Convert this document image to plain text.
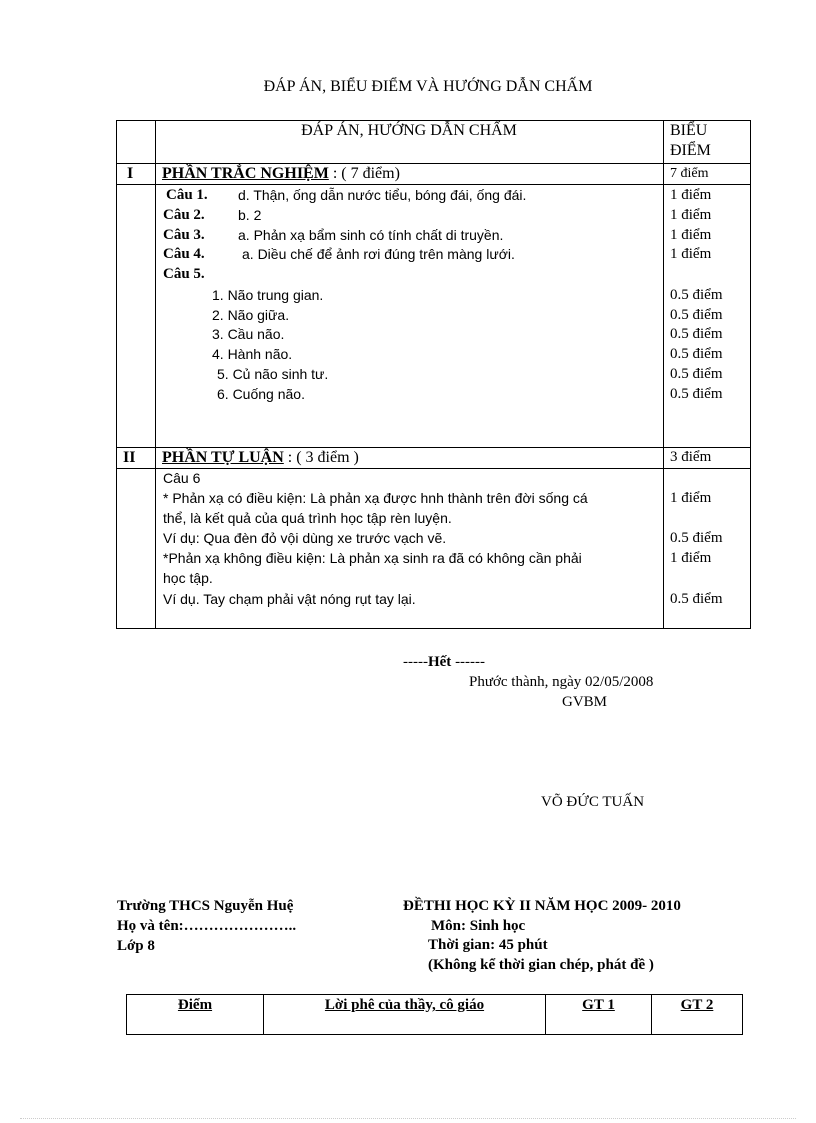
ĐÁP ÁN, BIỂU ĐIỂM VÀ HƯỚNG DẪN CHẤM
ĐÁP ÁN, HƯỚNG DẪN CHẤM	BIỂU
ĐIỂM
I PHẦN TRẮC NGHIỆM : ( 7 điểm)	7 điểm
Câu 1. d. Thận, ống dẫn nước tiểu, bóng đái, ống đái.	1 điểm
Câu 2. b. 2	1 điểm
Câu 3. a. Phản xạ bẩm sinh có tính chất di truyền.	1 điểm
Câu 4.	a. Diều chế để ảnh rơi đúng trên màng lưới.	1 điểm
Câu 5.
1. Não trung gian.	0.5 điểm
2. Não giữa.	0.5 điểm
3. Cầu não.	0.5 điểm
4. Hành não.	0.5 điểm
5. Củ não sinh tư.	0.5 điểm
6. Cuống não.	0.5 điểm
II PHẦN TỰ LUẬN : ( 3 điểm )	3 điểm
Câu 6
* Phản xạ có điều kiện: Là phản xạ được hnh thành trên đời sống cá	1 điểm
thể, là kết quả của quá trình học tập rèn luyện.
Ví dụ: Qua đèn đỏ vội dùng xe trước vạch vẽ.	0.5 điểm
*Phản xạ không điều kiện: Là phản xạ sinh ra đã có không cần phải	1 điểm
học tập.
Ví dụ. Tay chạm phải vật nóng rụt tay lại.	0.5 điểm
-----Hết ------
Phước thành, ngày 02/05/2008
GVBM
VÕ ĐỨC TUẤN
Trường THCS Nguyễn Huệ
Họ và tên:…………………..
Lớp 8
ĐỀTHI HỌC KỲ II NĂM HỌC 2009- 2010
Môn: Sinh học
Thời gian: 45 phút
(Không kể thời gian chép, phát đề )
Điểm	Lời phê của thầy, cô giáo	GT 1	GT 2
